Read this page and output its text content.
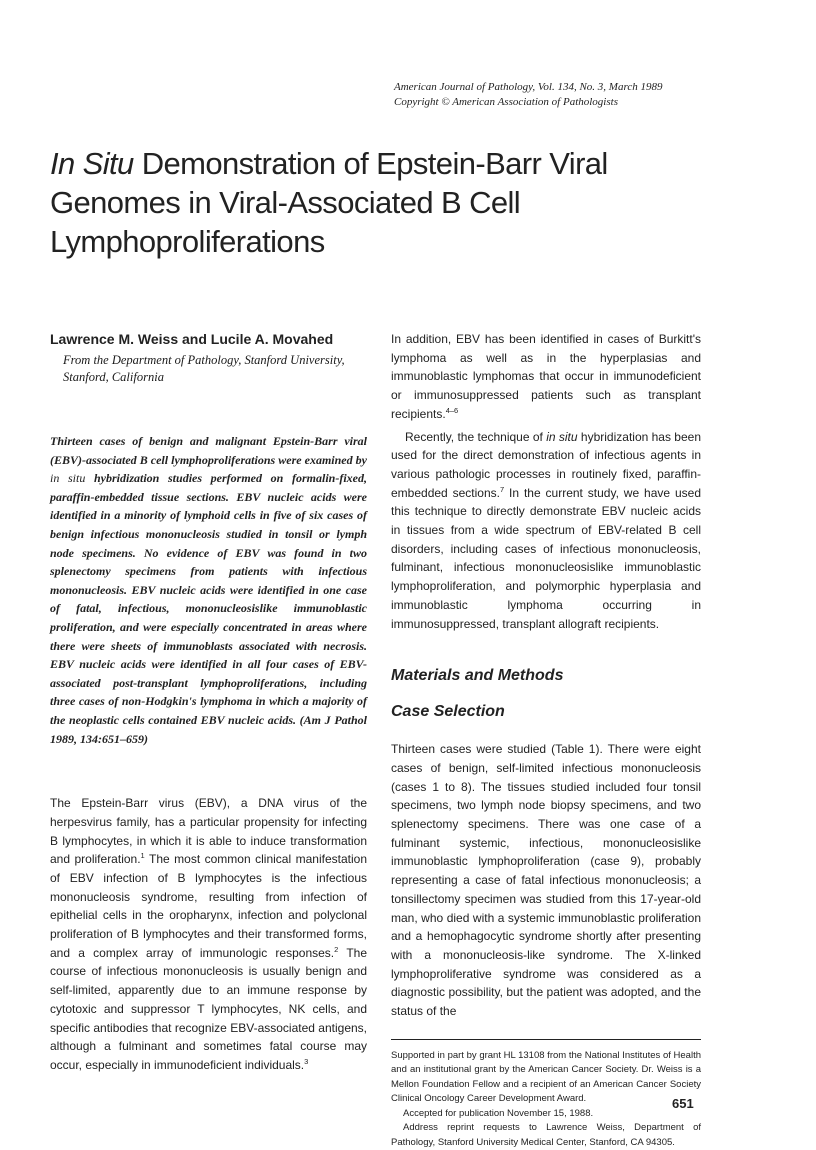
American Journal of Pathology, Vol. 134, No. 3, March 1989
Copyright © American Association of Pathologists
In Situ Demonstration of Epstein-Barr Viral Genomes in Viral-Associated B Cell Lymphoproliferations

Lawrence M. Weiss and Lucile A. Movahed

From the Department of Pathology, Stanford University, Stanford, California

Thirteen cases of benign and malignant Epstein-Barr viral (EBV)-associated B cell lymphoproliferations were examined by in situ hybridization studies performed on formalin-fixed, paraffin-embedded tissue sections. EBV nucleic acids were identified in a minority of lymphoid cells in five of six cases of benign infectious mononucleosis studied in tonsil or lymph node specimens. No evidence of EBV was found in two splenectomy specimens from patients with infectious mononucleosis. EBV nucleic acids were identified in one case of fatal, infectious, mononucleosislike immunoblastic proliferation, and were especially concentrated in areas where there were sheets of immunoblasts associated with necrosis. EBV nucleic acids were identified in all four cases of EBV-associated post-transplant lymphoproliferations, including three cases of non-Hodgkin's lymphoma in which a majority of the neoplastic cells contained EBV nucleic acids. (Am J Pathol 1989, 134:651–659)

The Epstein-Barr virus (EBV), a DNA virus of the herpesvirus family, has a particular propensity for infecting B lymphocytes, in which it is able to induce transformation and proliferation.$^1$ The most common clinical manifestation of EBV infection of B lymphocytes is the infectious mononucleosis syndrome, resulting from infection of epithelial cells in the oropharynx, infection and polyclonal proliferation of B lymphocytes and their transformed forms, and a complex array of immunologic responses.$^2$ The course of infectious mononucleosis is usually benign and self-limited, apparently due to an immune response by cytotoxic and suppressor T lymphocytes, NK cells, and specific antibodies that recognize EBV-associated antigens, although a fulminant and sometimes fatal course may occur, especially in immunodeficient individuals.$^3$

In addition, EBV has been identified in cases of Burkitt's lymphoma as well as in the hyperplasias and immunoblastic lymphomas that occur in immunodeficient or immunosuppressed patients such as transplant recipients.$^{4-6}$

Recently, the technique of in situ hybridization has been used for the direct demonstration of infectious agents in various pathologic processes in routinely fixed, paraffin-embedded sections.$^7$ In the current study, we have used this technique to directly demonstrate EBV nucleic acids in tissues from a wide spectrum of EBV-related B cell disorders, including cases of infectious mononucleosis, fulminant, infectious mononucleosislike immunoblastic lymphoproliferation, and polymorphic hyperplasia and immunoblastic lymphoma occurring in immunosuppressed, transplant allograft recipients.

Materials and Methods
Case Selection

Thirteen cases were studied (Table 1). There were eight cases of benign, self-limited infectious mononucleosis (cases 1 to 8). The tissues studied included four tonsil specimens, two lymph node biopsy specimens, and two splenectomy specimens. There was one case of a fulminant systemic, infectious, mononucleosislike immunoblastic lymphoproliferation (case 9), probably representing a case of fatal infectious mononucleosis; a tonsillectomy specimen was studied from this 17-year-old man, who died with a systemic immunoblastic proliferation and a hemophagocytic syndrome shortly after presenting with a mononucleosis-like syndrome. The X-linked lymphoproliferative syndrome was considered as a diagnostic possibility, but the patient was adopted, and the status of the

Supported in part by grant HL 13108 from the National Institutes of Health and an institutional grant by the American Cancer Society. Dr. Weiss is a Mellon Foundation Fellow and a recipient of an American Cancer Society Clinical Oncology Career Development Award.

Accepted for publication November 15, 1988.

Address reprint requests to Lawrence Weiss, Department of Pathology, Stanford University Medical Center, Stanford, CA 94305.

651
